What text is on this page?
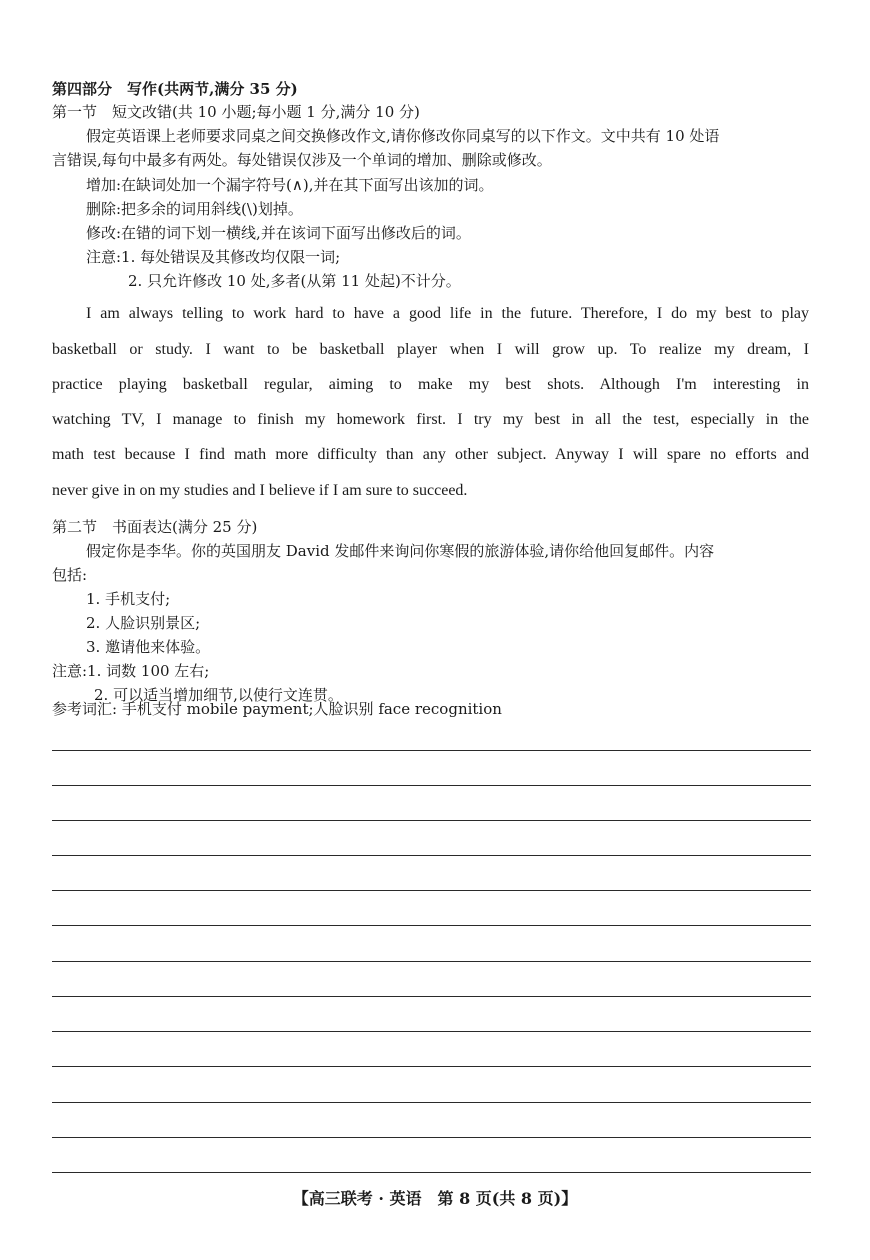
第四部分　写作(共两节,满分 35 分)
第一节　短文改错(共 10 小题;每小题 1 分,满分 10 分)
假定英语课上老师要求同桌之间交换修改作文,请你修改你同桌写的以下作文。文中共有 10 处语
言错误,每句中最多有两处。每处错误仅涉及一个单词的增加、删除或修改。
增加:在缺词处加一个漏字符号(∧),并在其下面写出该加的词。
删除:把多余的词用斜线(\)划掉。
修改:在错的词下划一横线,并在该词下面写出修改后的词。
注意:1. 每处错误及其修改均仅限一词;
2. 只允许修改 10 处,多者(从第 11 处起)不计分。
I am always telling to work hard to have a good life in the future. Therefore, I do my best to play
basketball or study. I want to be basketball player when I will grow up. To realize my dream, I
practice playing basketball regular, aiming to make my best shots. Although I'm interesting in
watching TV, I manage to finish my homework first. I try my best in all the test, especially in the
math test because I find math more difficulty than any other subject. Anyway I will spare no efforts and
never give in on my studies and I believe if I am sure to succeed.
第二节　书面表达(满分 25 分)
假定你是李华。你的英国朋友 David 发邮件来询问你寒假的旅游体验,请你给他回复邮件。内容
包括:
1. 手机支付;
2. 人脸识别景区;
3. 邀请他来体验。
注意:1. 词数 100 左右;
2. 可以适当增加细节,以使行文连贯。
参考词汇: 手机支付 mobile payment;人脸识别 face recognition
【高三联考 · 英语　第 8 页(共 8 页)】
